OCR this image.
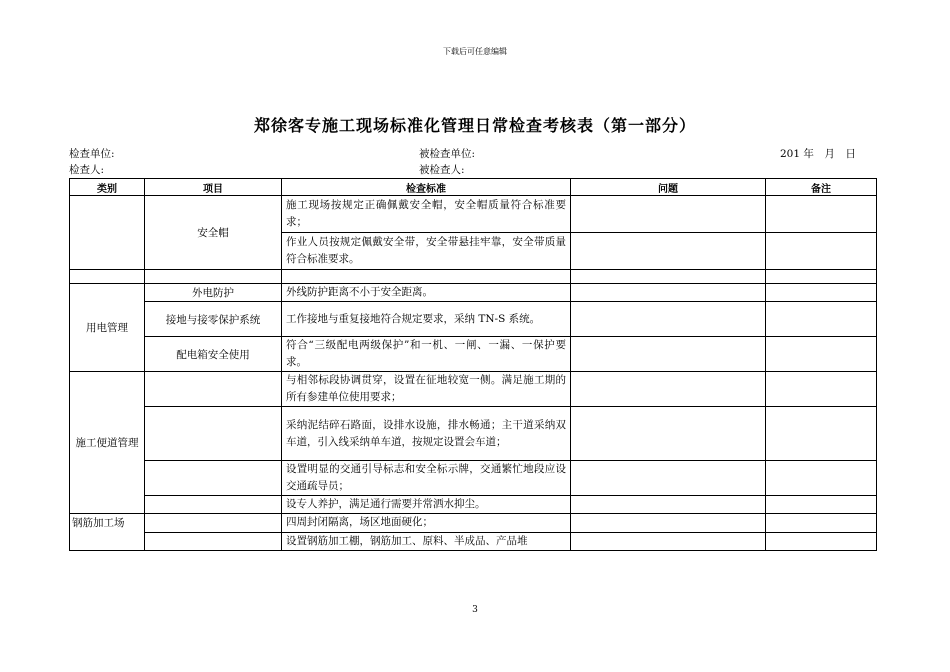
下载后可任意编辑
郑徐客专施工现场标准化管理日常检查考核表（第一部分）
检查单位:	被检查单位:	201 年　月　日
检查人:	被检查人:
类别	项目	检查标准	问题	备注
	安全帽	施工现场按规定正确佩戴安全帽，安全帽质量符合标准要求；		
		作业人员按规定佩戴安全带，安全带悬挂牢靠，安全带质量符合标准要求。		

用电管理	外电防护	外线防护距离不小于安全距离。		
	接地与接零保护系统	工作接地与重复接地符合规定要求，采纳 TN-S 系统。		
	配电箱安全使用	符合“三级配电两级保护”和一机、一闸、一漏、一保护要求。		
施工便道管理		与相邻标段协调贯穿，设置在征地较宽一侧。满足施工期的所有参建单位使用要求；		
		采纳泥结碎石路面，设排水设施，排水畅通；主干道采纳双车道，引入线采纳单车道，按规定设置会车道；		
		设置明显的交通引导标志和安全标示牌，交通繁忙地段应设交通疏导员；		
		设专人养护，满足通行需要并常洒水抑尘。		
钢筋加工场		四周封闭隔离，场区地面硬化；		
		设置钢筋加工棚，钢筋加工、原料、半成品、产品堆		
3
